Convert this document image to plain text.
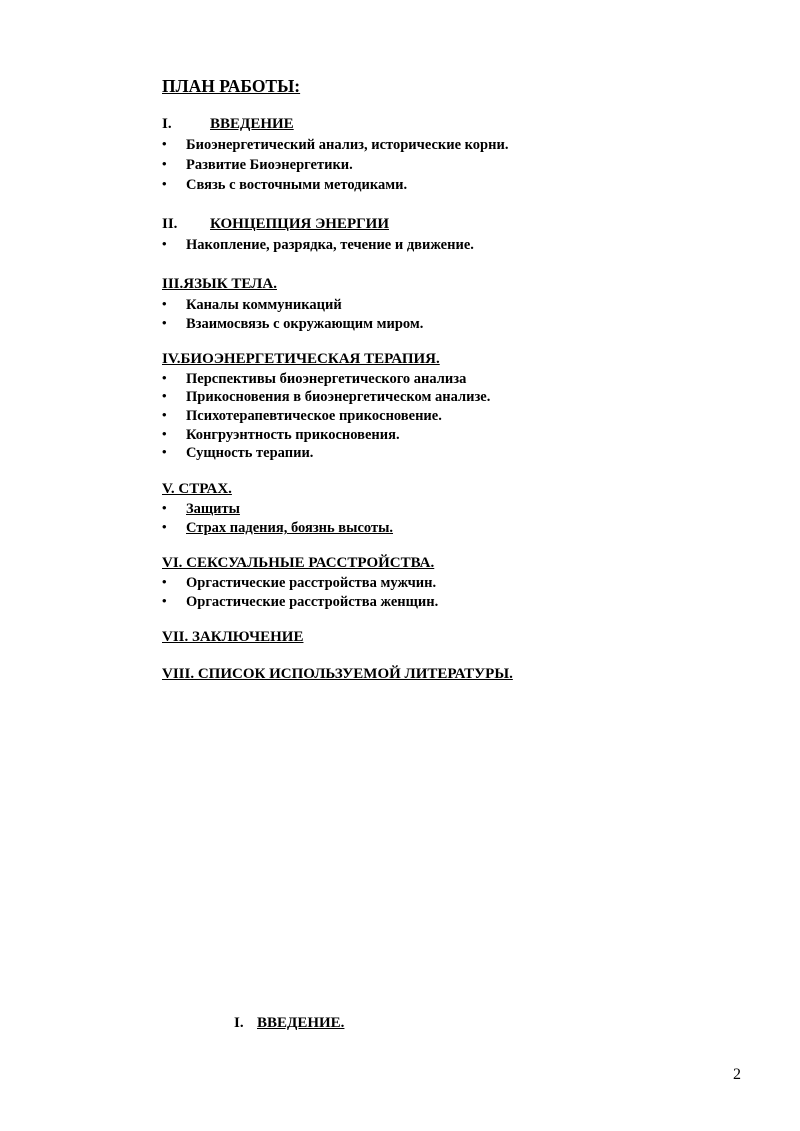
ПЛАН РАБОТЫ:
I.	ВВЕДЕНИЕ
• Биоэнергетический анализ, исторические корни.
• Развитие Биоэнергетики.
• Связь с восточными методиками.
II. КОНЦЕПЦИЯ ЭНЕРГИИ
• Накопление, разрядка, течение и движение.
III.ЯЗЫК ТЕЛА.
• Каналы коммуникаций
• Взаимосвязь с окружающим миром.
IV.БИОЭНЕРГЕТИЧЕСКАЯ ТЕРАПИЯ.
• Перспективы биоэнергетического анализа
• Прикосновения в биоэнергетическом анализе.
• Психотерапевтическое прикосновение.
• Конгруэнтность прикосновения.
• Сущность терапии.
V. СТРАХ.
• Защиты
• Страх падения, боязнь высоты.
VI. СЕКСУАЛЬНЫЕ РАССТРОЙСТВА.
• Оргастические расстройства мужчин.
• Оргастические расстройства женщин.
VII. ЗАКЛЮЧЕНИЕ
VIII. СПИСОК ИСПОЛЬЗУЕМОЙ ЛИТЕРАТУРЫ.
I. ВВЕДЕНИЕ.
2
